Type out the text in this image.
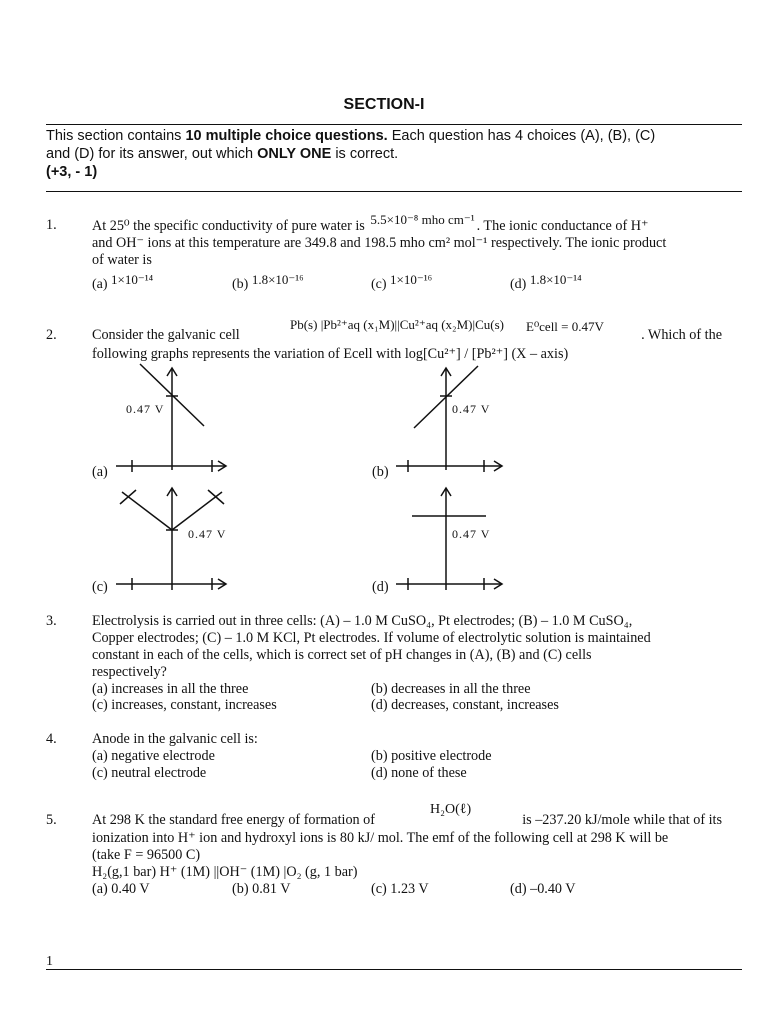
SECTION-I
This section contains 10 multiple choice questions. Each question has 4 choices (A), (B), (C)
and (D) for its answer, out which ONLY ONE is correct.
(+3, - 1)
1. At 25⁰ the specific conductivity of pure water is 5.5×10⁻⁸ mho cm⁻¹ . The ionic conductance of H⁺
and OH⁻ ions at this temperature are 349.8 and 198.5 mho cm² mol⁻¹ respectively. The ionic product
of water is
(a) 1×10⁻¹⁴	(b) 1.8×10⁻¹⁶	(c) 1×10⁻¹⁶	(d) 1.8×10⁻¹⁴
2. Consider the galvanic cell
Pb(s) |Pb²⁺aq (x₁M)||Cu²⁺aq (x₂M)|Cu(s) E⁰cell = 0.47V
. Which of the
following graphs represents the variation of Ecell with log[Cu²⁺] / [Pb²⁺] (X – axis)
(a)
0.47 V
(b)
0.47 V
(c)
0.47 V
(d)
0.47 V
3. Electrolysis is carried out in three cells: (A) – 1.0 M CuSO₄, Pt electrodes; (B) – 1.0 M CuSO₄,
Copper electrodes; (C) – 1.0 M KCl, Pt electrodes. If volume of electrolytic solution is maintained
constant in each of the cells, which is correct set of pH changes in (A), (B) and (C) cells
respectively?
(a) increases in all the three	(b) decreases in all the three
(c) increases, constant, increases	(d) decreases, constant, increases
4. Anode in the galvanic cell is:
(a) negative electrode	(b) positive electrode
(c) neutral electrode	(d) none of these
5. At 298 K the standard free energy of formation of
H₂O(ℓ)
is –237.20 kJ/mole while that of its
ionization into H⁺ ion and hydroxyl ions is 80 kJ/ mol. The emf of the following cell at 298 K will be
(take F = 96500 C)
H₂(g,1 bar) H⁺ (1M) ||OH⁻ (1M) |O₂ (g, 1 bar)
(a) 0.40 V	(b) 0.81 V	(c) 1.23 V	(d) –0.40 V
1
